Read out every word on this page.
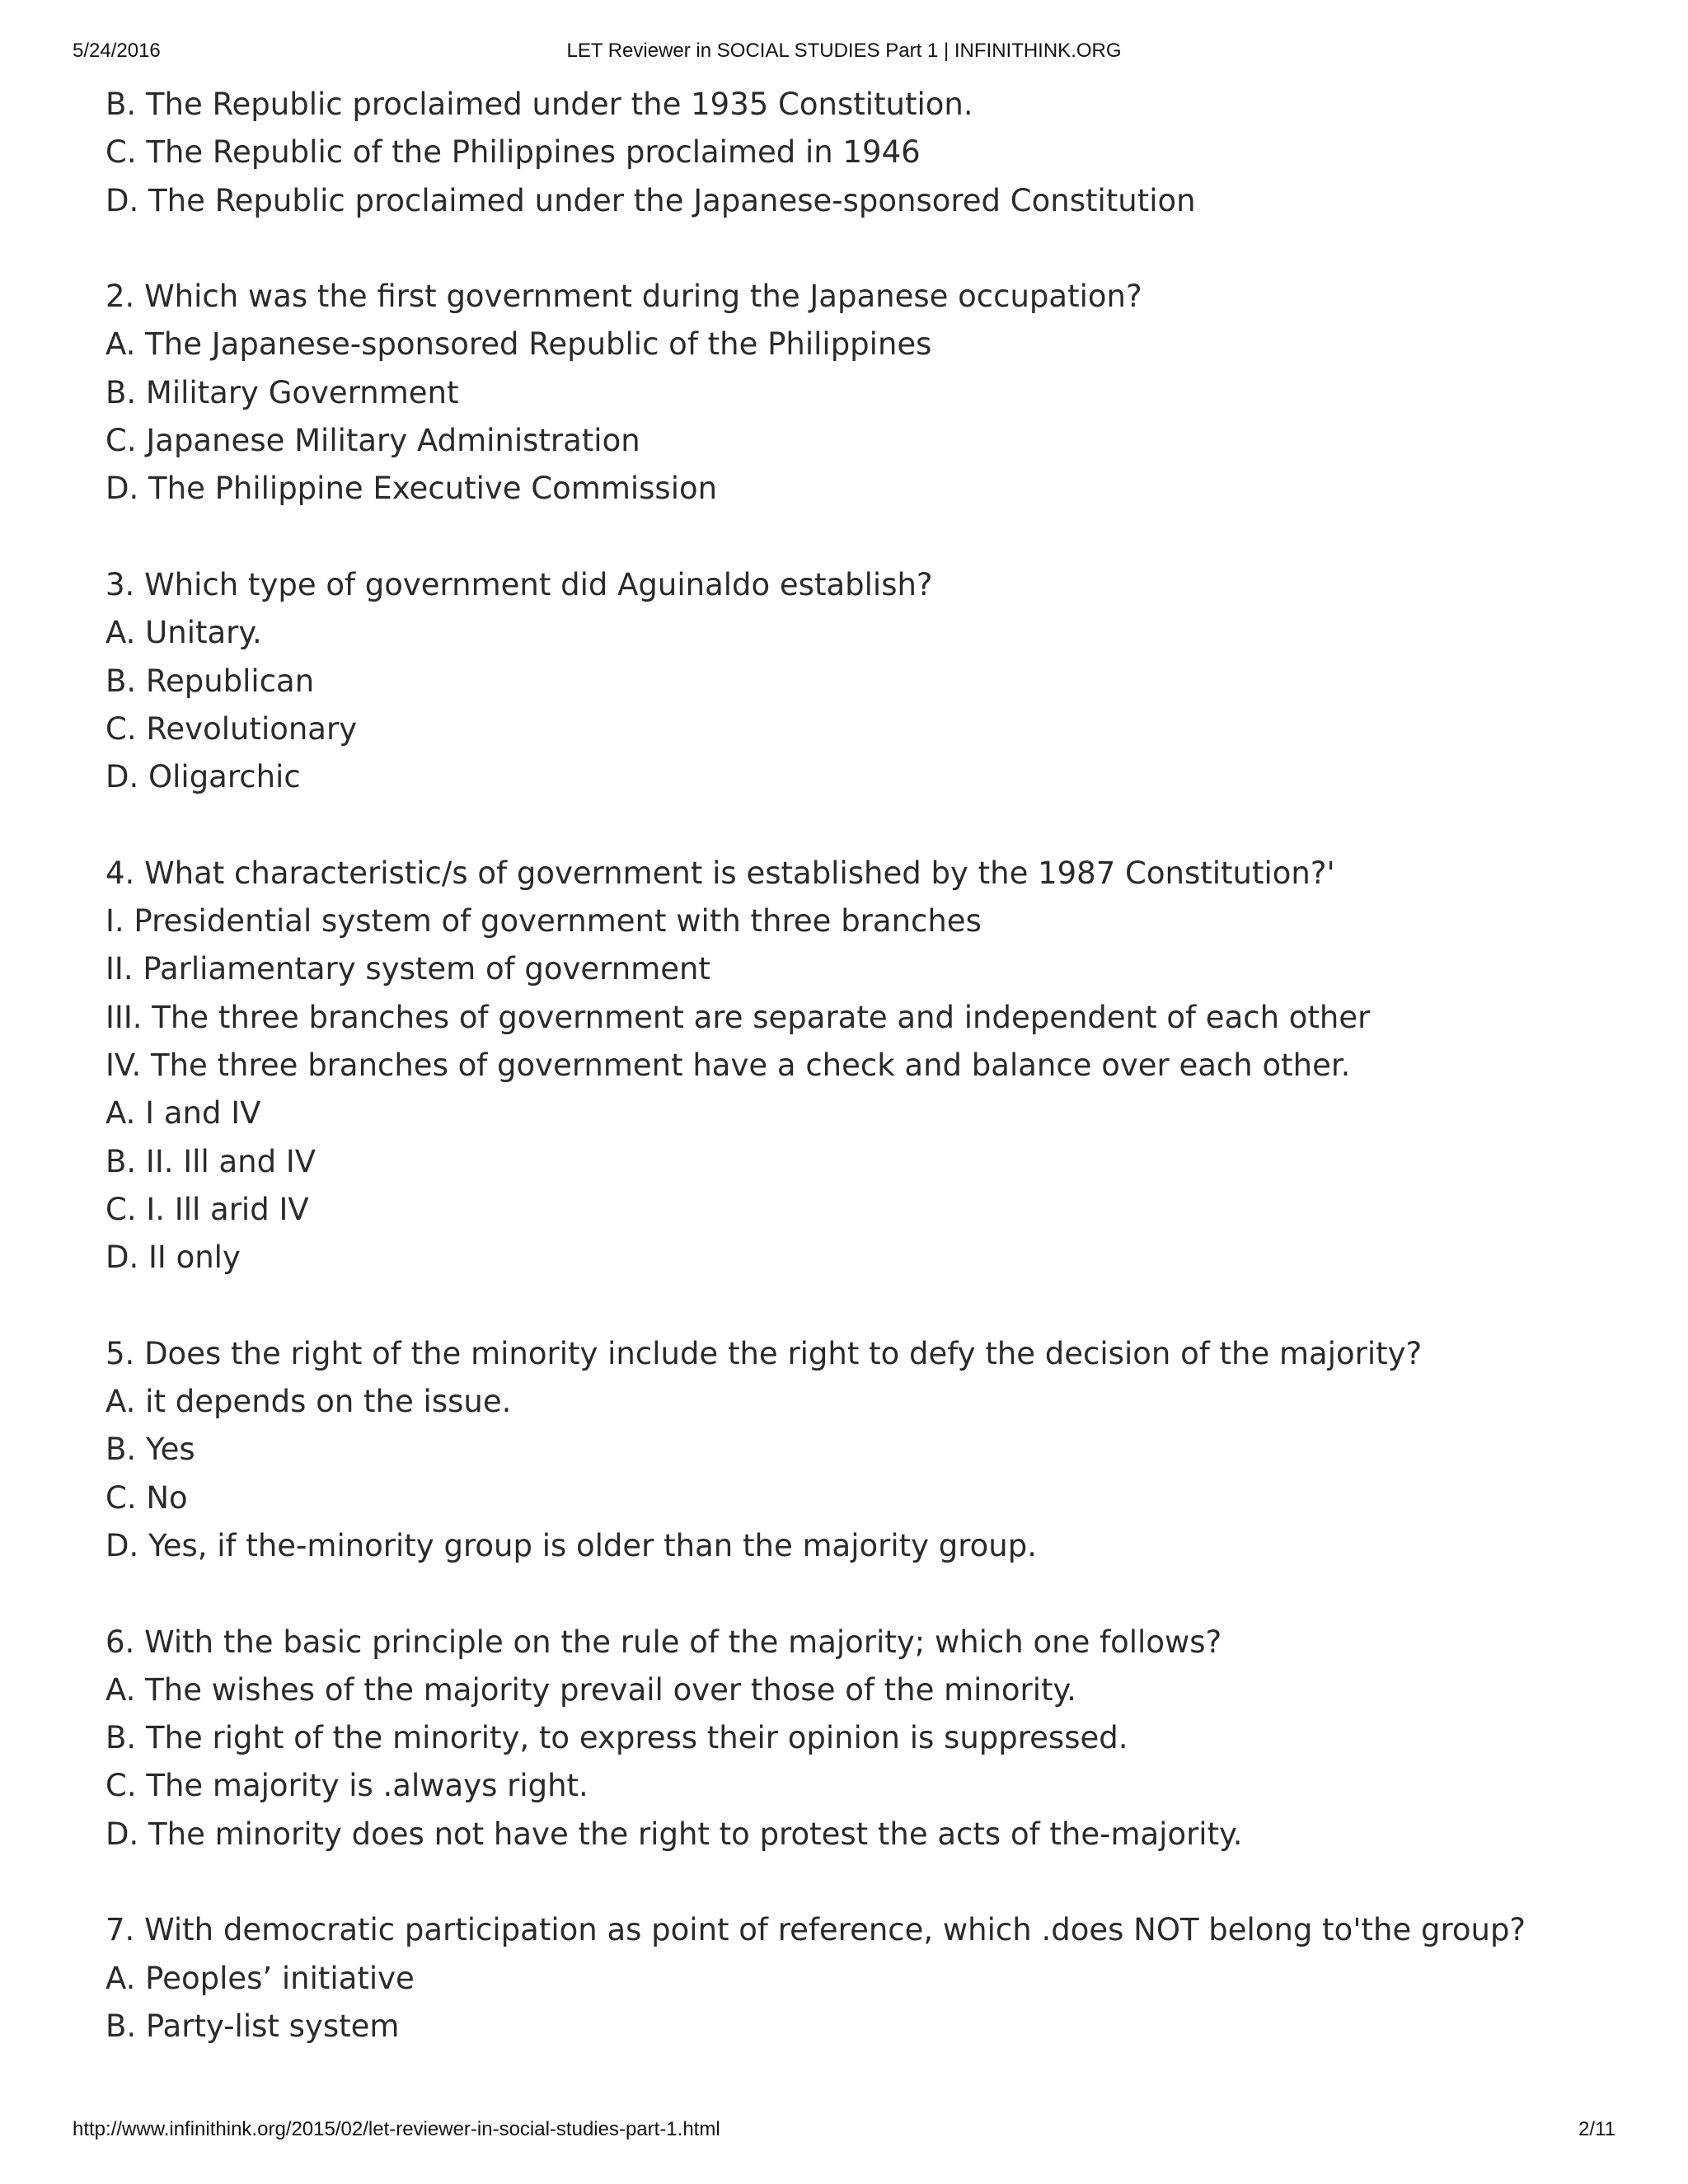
5/24/2016	LET Reviewer in SOCIAL STUDIES Part 1 | INFINITHINK.ORG
B. The Republic proclaimed under the 1935 Constitution.
C. The Republic of the Philippines proclaimed in 1946
D. The Republic proclaimed under the Japanese-sponsored Constitution
2. Which was the first government during the Japanese occupation?
A. The Japanese-sponsored Republic of the Philippines
B. Military Government
C. Japanese Military Administration
D. The Philippine Executive Commission
3. Which type of government did Aguinaldo establish?
A. Unitary.
B. Republican
C. Revolutionary
D. Oligarchic
4. What characteristic/s of government is established by the 1987 Constitution?'
I. Presidential system of government with three branches
II. Parliamentary system of government
III. The three branches of government are separate and independent of each other
IV. The three branches of government have a check and balance over each other.
A. I and IV
B. II. Ill and IV
C. I. Ill arid IV
D. II only
5. Does the right of the minority include the right to defy the decision of the majority?
A. it depends on the issue.
B. Yes
C. No
D. Yes, if the-minority group is older than the majority group.
6. With the basic principle on the rule of the majority; which one follows?
A. The wishes of the majority prevail over those of the minority.
B. The right of the minority, to express their opinion is suppressed.
C. The majority is .always right.
D. The minority does not have the right to protest the acts of the-majority.
7. With democratic participation as point of reference, which .does NOT belong to'the group?
A. Peoples’ initiative
B. Party-list system
http://www.infinithink.org/2015/02/let-reviewer-in-social-studies-part-1.html	2/11
